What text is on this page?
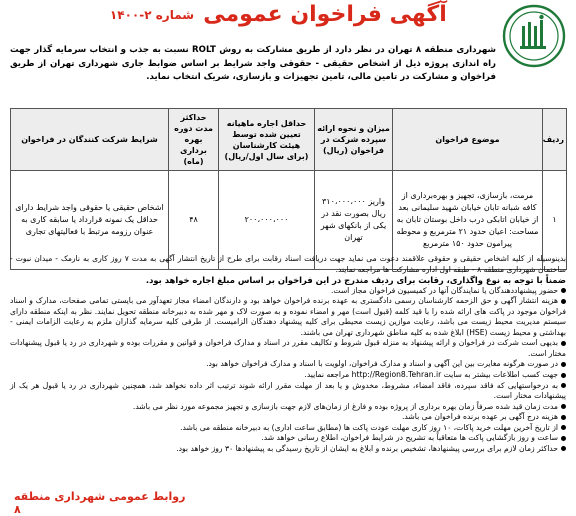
آگهی فراخوان عمومی
شماره ۲-۱۴۰۰
شهرداری منطقه ۸ تهران در نظر دارد از طریق مشارکت به روش ROLT نسبت به جذب و انتخاب سرمایه گذار جهت راه اندازی پروژه ذیل از اشخاص حقیقی - حقوقی واجد شرایط بر اساس ضوابط جاری شهرداری تهران از طریق فراخوان و مشارکت در تامین مالی، تامین تجهیزات و بازسازی، شریک انتخاب نماید.
ردیف	موضوع فراخوان	میزان و نحوه ارائه سپرده شرکت در فراخوان (ریال)	حداقل اجاره ماهیانه تعیین شده توسط هیئت کارشناسان (برای سال اول/ریال)	حداکثر مدت دوره بهره برداری (ماه)	شرایط شرکت کنندگان در فراخوان
۱	مرمت، بازسازی، تجهیز و بهره‌برداری از کافه شبانه تابان خیابان شهید سلیمانی بعد از خیابان اتابکی درب داخل بوستان تابان به مساحت: اعیان حدود ۲۱ مترمربع و محوطه پیرامون حدود ۱۵۰ مترمربع	واریز ۳۱۰،۰۰۰،۰۰۰ ریال بصورت نقد در یکی از بانکهای شهر تهران	۲۰۰،۰۰۰،۰۰۰	۴۸	اشخاص حقیقی یا حقوقی واجد شرایط دارای حداقل یک نمونه قرارداد یا سابقه کاری به عنوان رزومه مرتبط با فعالیتهای تجاری

بدینوسیله از کلیه اشخاص حقیقی و حقوقی علاقمند دعوت می نماید جهت دریافت اسناد رقابت برای طرح از تاریخ انتشار آگهی به مدت ۷ روز کاری به نارمک - میدان نبوت - ساختمان شهرداری منطقه ۸ - طبقه اول اداره مشارکت ها مراجعه نمایند.

ضمناً با توجه به نوع واگذاری، رقابت برای ردیف مندرج در این فراخوان بر اساس مبلغ اجاره خواهد بود.

حضور پیشنهاددهندگان یا نمایندگان آنها در کمیسیون فراخوان مجاز است.

هزینه انتشار آگهی و حق الزحمه کارشناسان رسمی دادگستری به عهده برنده فراخوان خواهد بود و دارندگان امضاء مجاز تعهدآور می بایستی تمامی صفحات، مدارک و اسناد فراخوان موجود در پاکت های ارائه شده را با قید کلمه (قبول است) مهر و امضاء نموده و به صورت لاک و مهر شده به دبیرخانه منطقه تحویل نمایند. نظر به اینکه منطقه دارای سیستم مدیریت محیط زیست می باشد، رعایت موازین زیست محیطی برای کلیه پیشنهاد دهندگان الزامیست. از طرفی کلیه سرمایه گذاران ملزم به رعایت الزامات ایمنی - بهداشتی و محیط زیست (HSE) ابلاغ شده به کلیه مناطق شهرداری تهران می باشند.

بدیهی است شرکت در فراخوان و ارائه پیشنهاد به منزله قبول شروط و تکالیف مقرر در اسناد و مدارک فراخوان و قوانین و مقررات بوده و شهرداری در رد یا قبول پیشنهادات مختار است.

در صورت هرگونه مغایرت بین این آگهی و اسناد و مدارک فراخوان، اولویت با اسناد و مدارک فراخوان خواهد بود.

جهت کسب اطلاعات بیشتر به سایت http://Region8.Tehran.ir مراجعه نمایید.

به درخواستهایی که فاقد سپرده، فاقد امضاء، مشروط، مخدوش و یا بعد از مهلت مقرر ارائه شوند ترتیب اثر داده نخواهد شد، همچنین شهرداری در رد یا قبول هر یک از پیشنهادات مختار است.

مدت زمان قید شده صرفاً زمان بهره برداری از پروژه بوده و فارغ از زمان‌های لازم جهت بازسازی و تجهیز مجموعه مورد نظر می باشد.

هزینه درج آگهی بر عهده برنده فراخوان می باشد.

از تاریخ آخرین مهلت خرید پاکات، ۱۰ روز کاری مهلت عودت پاکت ها (مطابق ساعت اداری) به دبیرخانه منطقه می باشد.

ساعت و روز بازگشایی پاکت ها متعاقباً به تشریح در شرایط فراخوان، اطلاع رسانی خواهد شد.

حداکثر زمان لازم برای بررسی پیشنهادها، تشخیص برنده و ابلاغ به ایشان از تاریخ رسیدگی به پیشنهادها ۳۰ روز خواهد بود.

روابط عمومی شهرداری منطقه ۸
